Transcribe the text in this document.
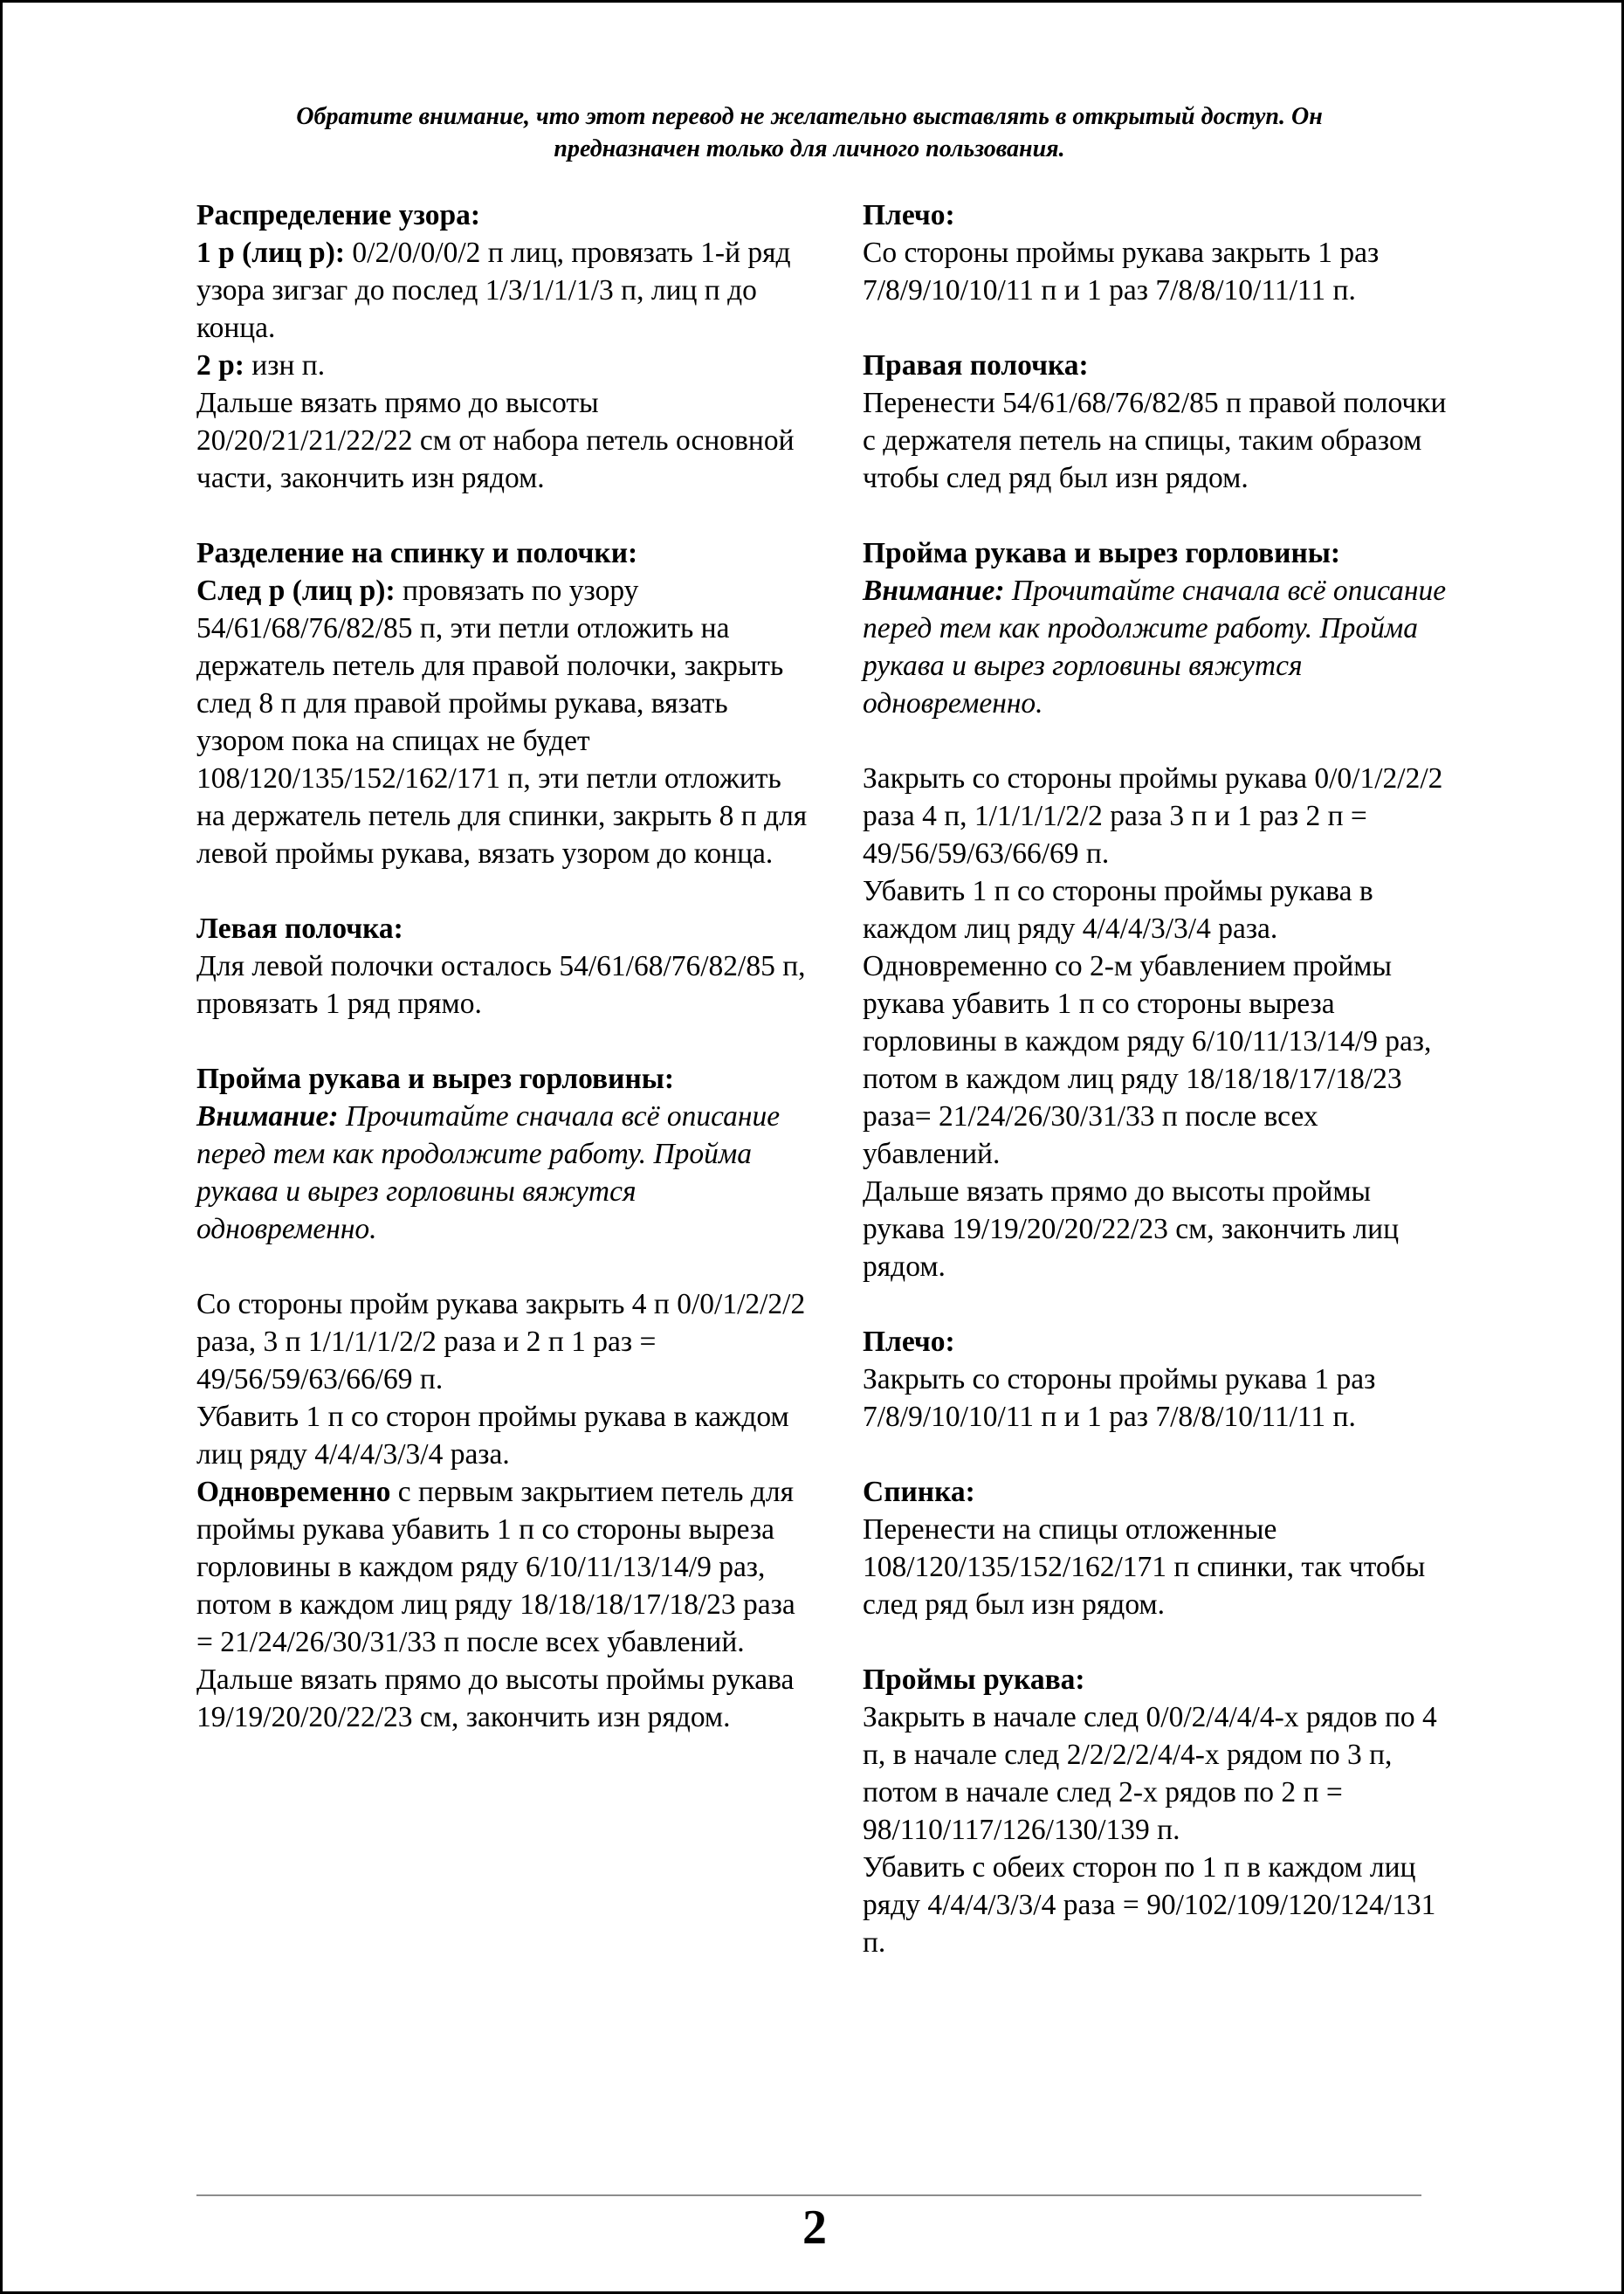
Обратите внимание, что этот перевод не желательно выставлять в открытый доступ. Он
предназначен только для личного пользования.
Распределение узора:
1 р (лиц р): 0/2/0/0/0/2 п лиц, провязать 1-й ряд узора зигзаг до послед 1/3/1/1/1/3 п, лиц п до конца.
2 р: изн п.
Дальше вязать прямо до высоты 20/20/21/21/22/22 см от набора петель основной части, закончить изн рядом.
Разделение на спинку и полочки:
След р (лиц р): провязать по узору 54/61/68/76/82/85 п, эти петли отложить на держатель петель для правой полочки, закрыть след 8 п для правой проймы рукава, вязать узором пока на спицах не будет 108/120/135/152/162/171 п, эти петли отложить на держатель петель для спинки, закрыть 8 п для левой проймы рукава, вязать узором до конца.
Левая полочка:
Для левой полочки осталось 54/61/68/76/82/85 п, провязать 1 ряд прямо.
Пройма рукава и вырез горловины:
Внимание: Прочитайте сначала всё описание перед тем как продолжите работу. Пройма рукава и вырез горловины вяжутся одновременно.
Со стороны пройм рукава закрыть 4 п 0/0/1/2/2/2 раза, 3 п 1/1/1/1/2/2 раза и 2 п 1 раз = 49/56/59/63/66/69 п.
Убавить 1 п со сторон проймы рукава в каждом лиц ряду 4/4/4/3/3/4 раза.
Одновременно с первым закрытием петель для проймы рукава убавить 1 п со стороны выреза горловины в каждом ряду 6/10/11/13/14/9 раз, потом в каждом лиц ряду 18/18/18/17/18/23 раза = 21/24/26/30/31/33 п после всех убавлений.
Дальше вязать прямо до высоты проймы рукава 19/19/20/20/22/23 см, закончить изн рядом.
Плечо:
Со стороны проймы рукава закрыть 1 раз 7/8/9/10/10/11 п и 1 раз 7/8/8/10/11/11 п.
Правая полочка:
Перенести 54/61/68/76/82/85 п правой полочки с держателя петель на спицы, таким образом чтобы след ряд был изн рядом.
Пройма рукава и вырез горловины:
Внимание: Прочитайте сначала всё описание перед тем как продолжите работу. Пройма рукава и вырез горловины вяжутся одновременно.
Закрыть со стороны проймы рукава 0/0/1/2/2/2 раза 4 п, 1/1/1/1/2/2 раза 3 п и 1 раз 2 п = 49/56/59/63/66/69 п.
Убавить 1 п со стороны проймы рукава в каждом лиц ряду 4/4/4/3/3/4 раза.
Одновременно со 2-м убавлением проймы рукава убавить 1 п со стороны выреза горловины в каждом ряду 6/10/11/13/14/9 раз, потом в каждом лиц ряду 18/18/18/17/18/23 раза= 21/24/26/30/31/33 п после всех убавлений.
Дальше вязать прямо до высоты проймы рукава 19/19/20/20/22/23 см, закончить лиц рядом.
Плечо:
Закрыть со стороны проймы рукава 1 раз 7/8/9/10/10/11 п и 1 раз 7/8/8/10/11/11 п.
Спинка:
Перенести на спицы отложенные 108/120/135/152/162/171 п спинки, так чтобы след ряд был изн рядом.
Проймы рукава:
Закрыть в начале след 0/0/2/4/4/4-х рядов по 4 п, в начале след 2/2/2/2/4/4-х рядом по 3 п, потом в начале след 2-х рядов по 2 п = 98/110/117/126/130/139 п.
Убавить с обеих сторон по 1 п в каждом лиц ряду 4/4/4/3/3/4 раза = 90/102/109/120/124/131 п.
2
